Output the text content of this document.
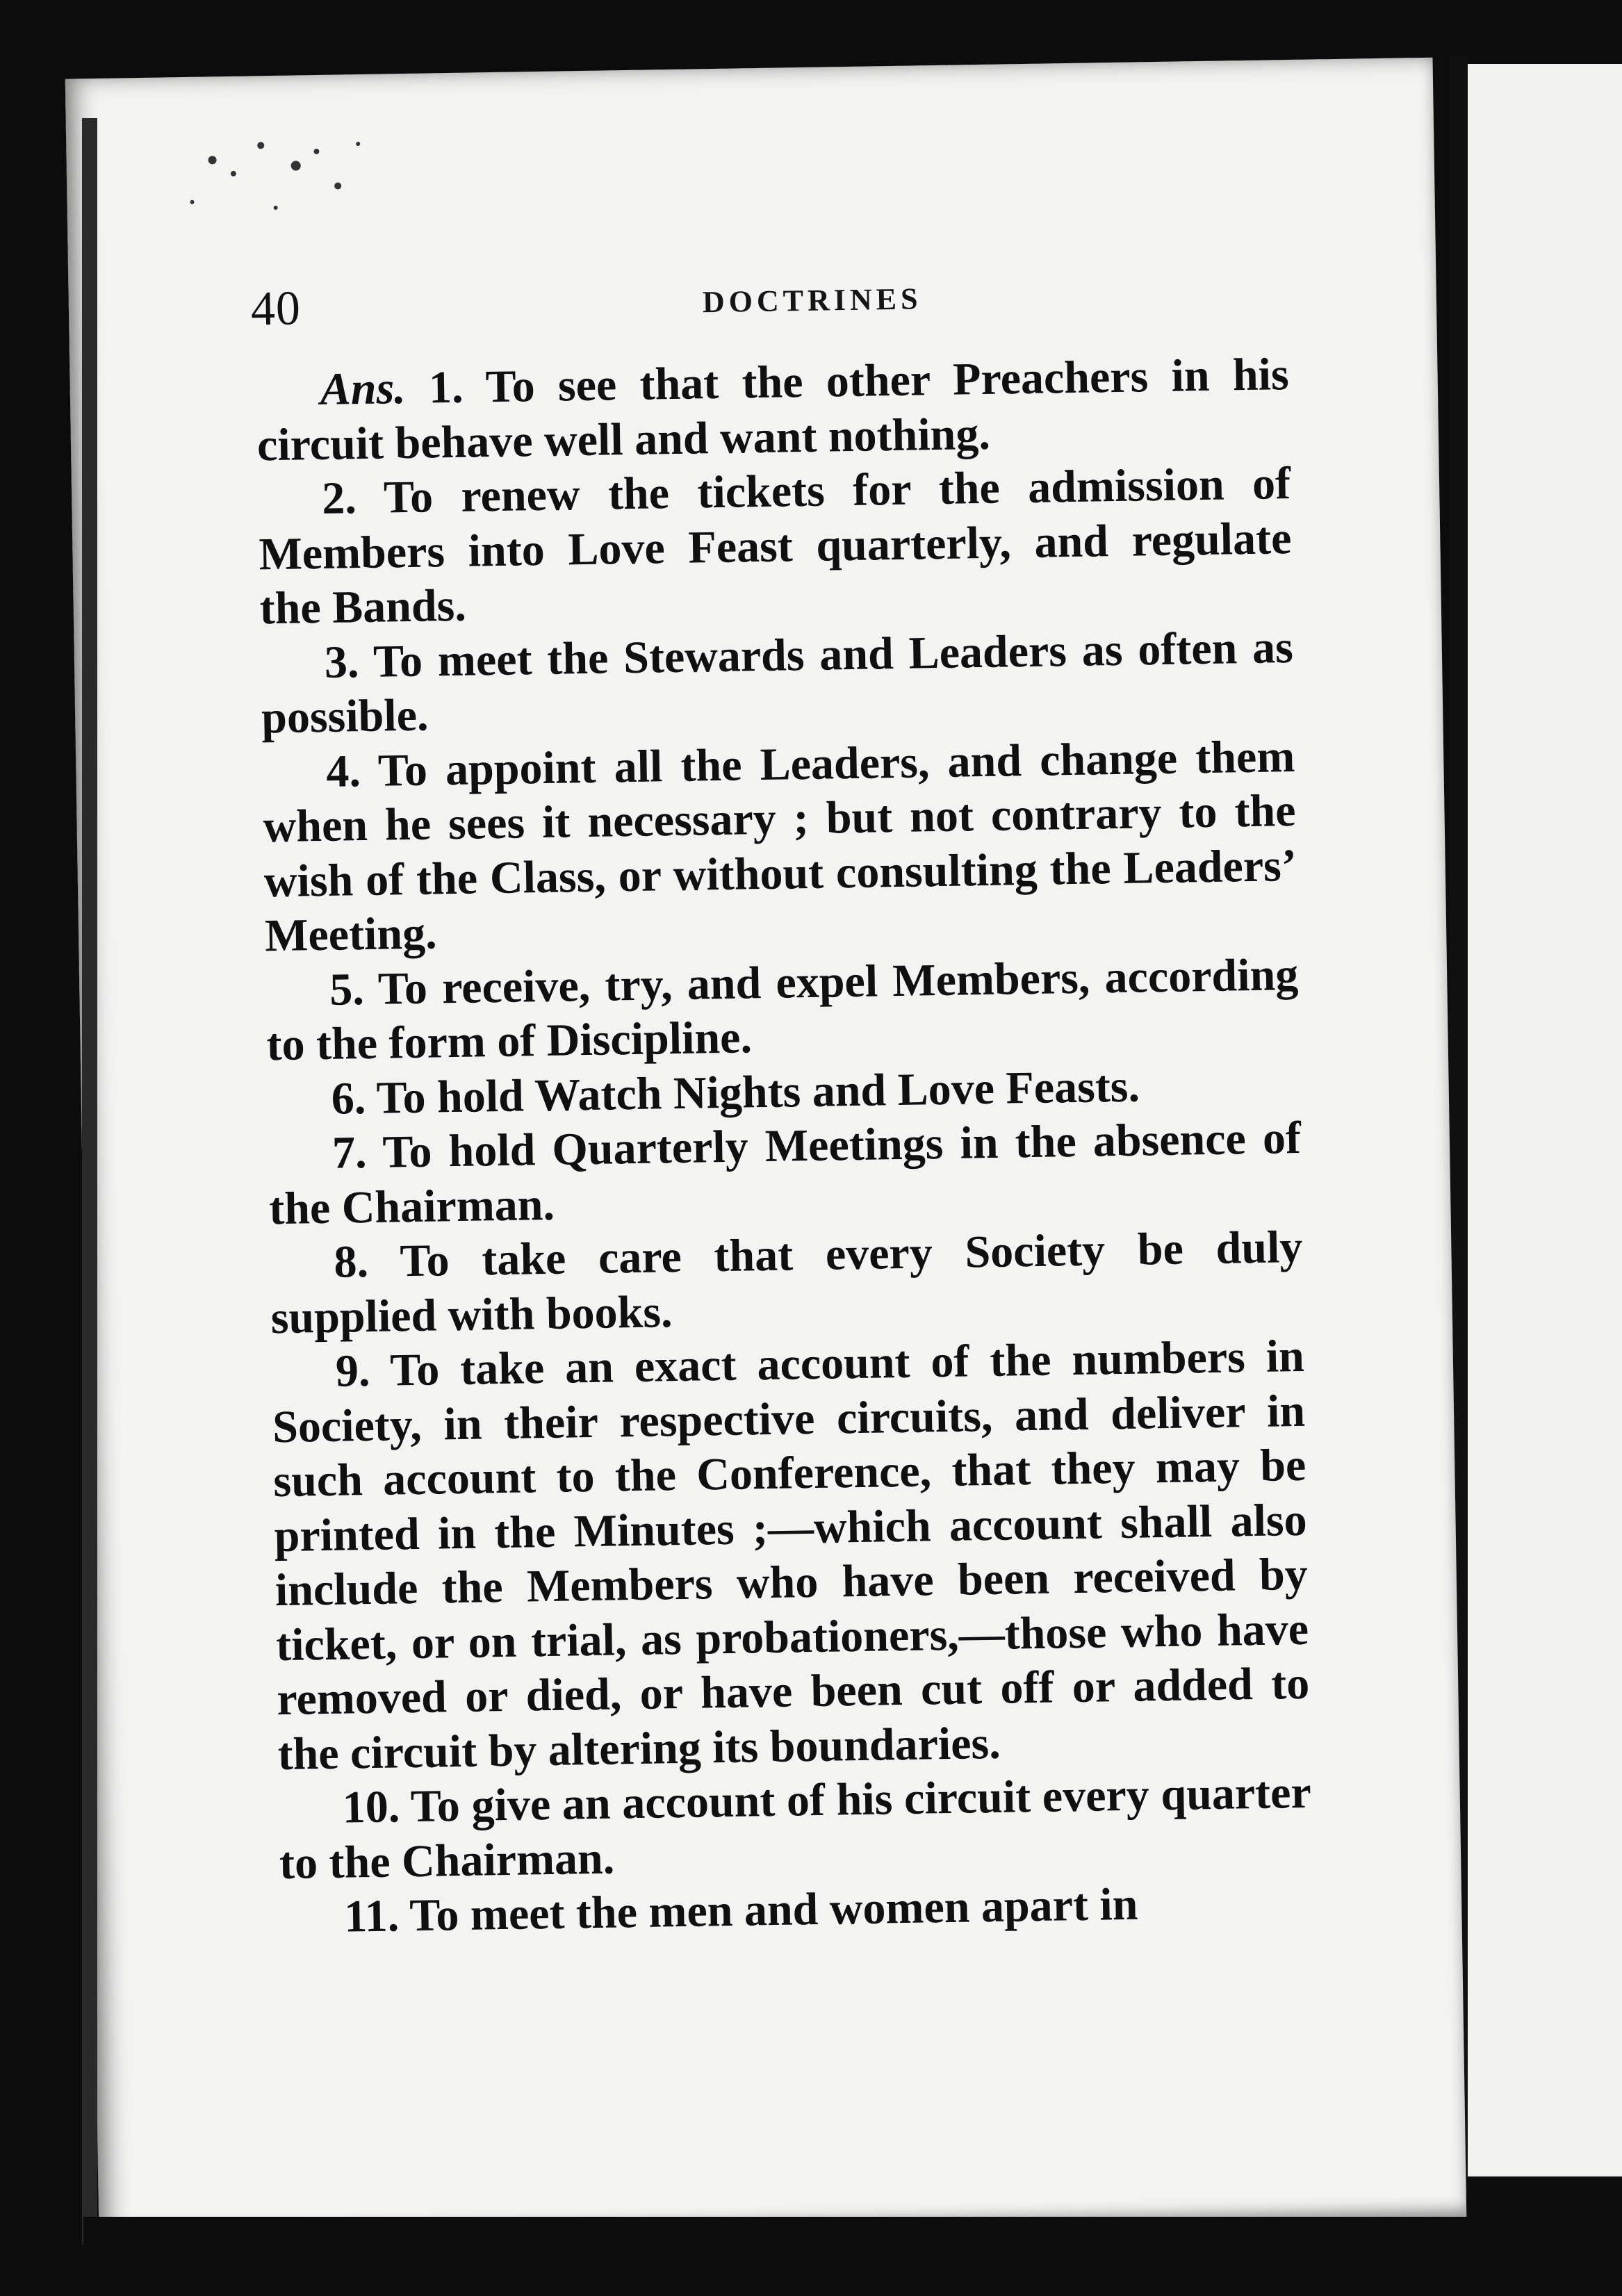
40	DOCTRINES

Ans. 1. To see that the other Preachers in his circuit behave well and want nothing.

2. To renew the tickets for the admission of Members into Love Feast quarterly, and regulate the Bands.

3. To meet the Stewards and Leaders as often as possible.

4. To appoint all the Leaders, and change them when he sees it necessary ; but not contrary to the wish of the Class, or without consulting the Leaders’ Meeting.

5. To receive, try, and expel Members, according to the form of Discipline.

6. To hold Watch Nights and Love Feasts.

7. To hold Quarterly Meetings in the absence of the Chairman.

8. To take care that every Society be duly supplied with books.

9. To take an exact account of the numbers in Society, in their respective circuits, and deliver in such account to the Conference, that they may be printed in the Minutes ;—which account shall also include the Members who have been received by ticket, or on trial, as probationers,—those who have removed or died, or have been cut off or added to the circuit by altering its boundaries.

10. To give an account of his circuit every quarter to the Chairman.

11. To meet the men and women apart in
